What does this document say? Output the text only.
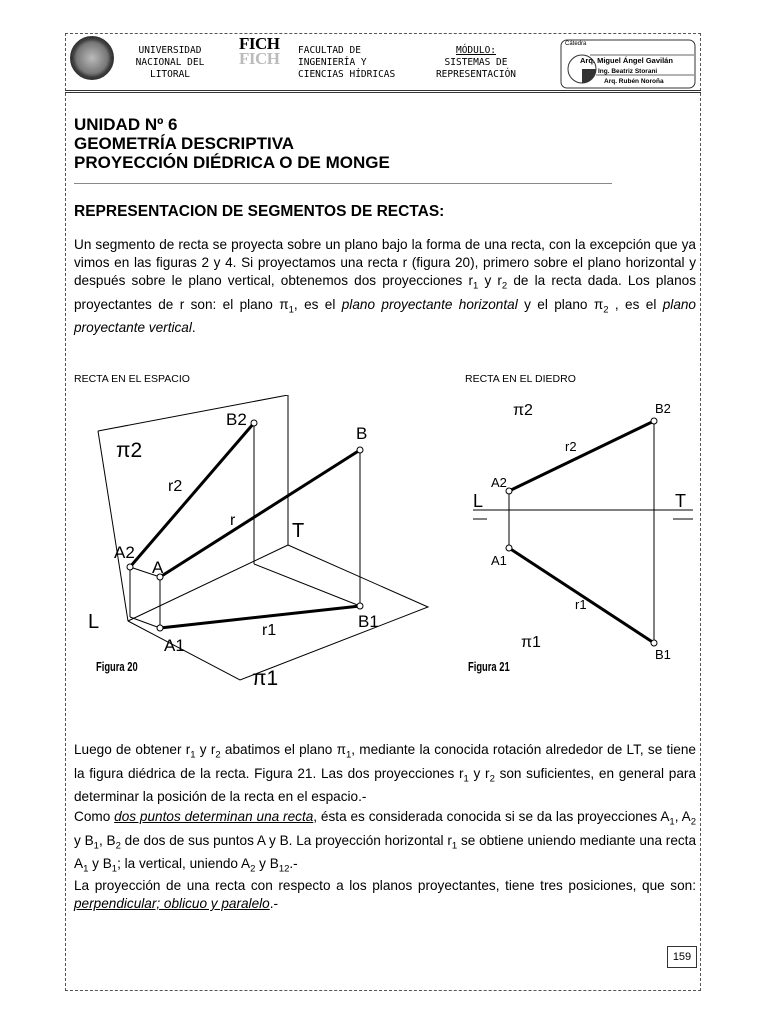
UNIVERSIDAD
NACIONAL DEL
LITORAL
FICH
FICH FACULTAD DE
INGENIERÍA Y
CIENCIAS HÍDRICAS
MÓDULO:
SISTEMAS DE
REPRESENTACIÓN
Cátedra
Arq. Miguel Ángel Gavilán
Ing. Beatriz Storani
Arq. Rubén Noroña
UNIDAD Nº 6
GEOMETRÍA DESCRIPTIVA
PROYECCIÓN DIÉDRICA O DE MONGE
REPRESENTACION DE SEGMENTOS DE RECTAS:
Un segmento de recta se proyecta sobre un plano bajo la forma de una recta, con la excepción que ya vimos en las figuras 2 y 4. Si proyectamos una recta r (figura 20), primero sobre el plano horizontal y después sobre le plano vertical, obtenemos dos proyecciones $r_1$ y $r_2$ de la recta dada. Los planos proyectantes de r son: el plano $\pi_1$, es el plano proyectante horizontal y el plano $\pi_2$ , es el plano proyectante vertical.
RECTA EN EL ESPACIO	RECTA EN EL DIEDRO
π2
B2
B
r2
r	T
A2
A
L
A1
r1	B1
π1
Figura 20
π2	B2
r2
A2
L	T
A1
r1
π1
B1
Figura 21
Luego de obtener $r_1$ y $r_2$ abatimos el plano $\pi_1$, mediante la conocida rotación alrededor de LT, se tiene la figura diédrica de la recta. Figura 21. Las dos proyecciones $r_1$ y $r_2$ son suficientes, en general para determinar la posición de la recta en el espacio.-
Como dos puntos determinan una recta, ésta es considerada conocida si se da las proyecciones $A_1$, $A_2$ y $B_1$, $B_2$ de dos de sus puntos A y B. La proyección horizontal $r_1$ se obtiene uniendo mediante una recta $A_1$ y $B_1$; la vertical, uniendo $A_2$ y $B_{12}.-$
La proyección de una recta con respecto a los planos proyectantes, tiene tres posiciones, que son: perpendicular; oblicuo y paralelo.-
159
